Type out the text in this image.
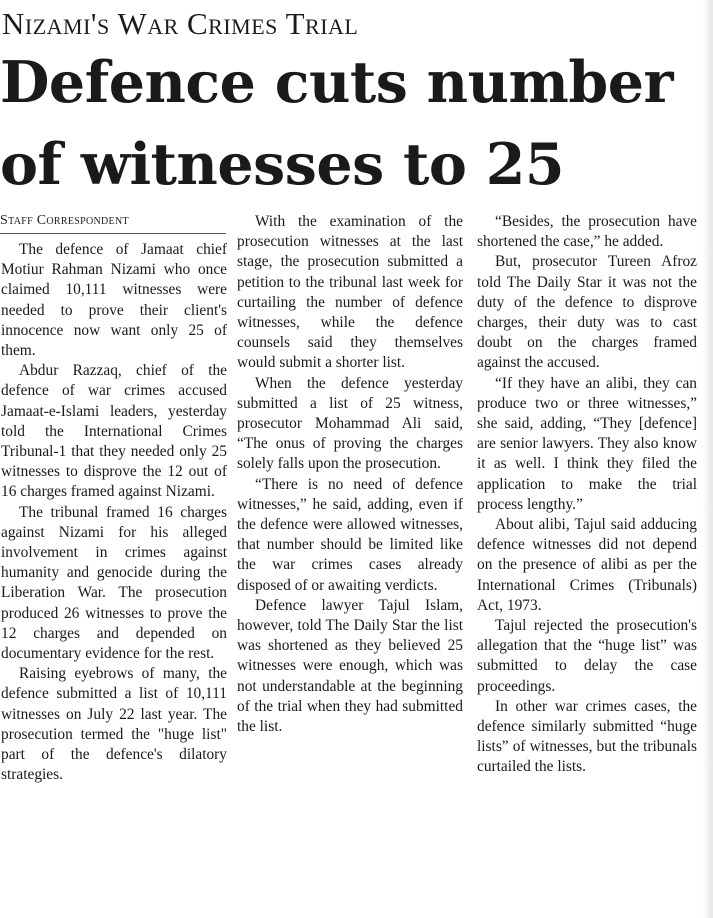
Nizami's War Crimes Trial
Defence cuts number
of witnesses to 25
Staff Correspondent

The defence of Jamaat chief Motiur Rahman Nizami who once claimed 10,111 witnesses were needed to prove their client's innocence now want only 25 of them.

Abdur Razzaq, chief of the defence of war crimes accused Jamaat-e-Islami leaders, yesterday told the International Crimes Tribunal-1 that they needed only 25 witnesses to disprove the 12 out of 16 charges framed against Nizami.

The tribunal framed 16 charges against Nizami for his alleged involvement in crimes against humanity and genocide during the Liberation War. The prosecution produced 26 witnesses to prove the 12 charges and depended on documentary evidence for the rest.

Raising eyebrows of many, the defence submitted a list of 10,111 witnesses on July 22 last year. The prosecution termed the "huge list" part of the defence's dilatory strategies.

With the examination of the prosecution witnesses at the last stage, the prosecution submitted a petition to the tribunal last week for curtailing the number of defence witnesses, while the defence counsels said they themselves would submit a shorter list.

When the defence yesterday submitted a list of 25 witness, prosecutor Mohammad Ali said, “The onus of proving the charges solely falls upon the prosecution.

“There is no need of defence witnesses,” he said, adding, even if the defence were allowed witnesses, that number should be limited like the war crimes cases already disposed of or awaiting verdicts.

Defence lawyer Tajul Islam, however, told The Daily Star the list was shortened as they believed 25 witnesses were enough, which was not understandable at the beginning of the trial when they had submitted the list.

“Besides, the prosecution have shortened the case,” he added.

But, prosecutor Tureen Afroz told The Daily Star it was not the duty of the defence to disprove charges, their duty was to cast doubt on the charges framed against the accused.

“If they have an alibi, they can produce two or three witnesses,” she said, adding, “They [defence] are senior lawyers. They also know it as well. I think they filed the application to make the trial process lengthy.”

About alibi, Tajul said adducing defence witnesses did not depend on the presence of alibi as per the International Crimes (Tribunals) Act, 1973.

Tajul rejected the prosecution's allegation that the “huge list” was submitted to delay the case proceedings.

In other war crimes cases, the defence similarly submitted “huge lists” of witnesses, but the tribunals curtailed the lists.
